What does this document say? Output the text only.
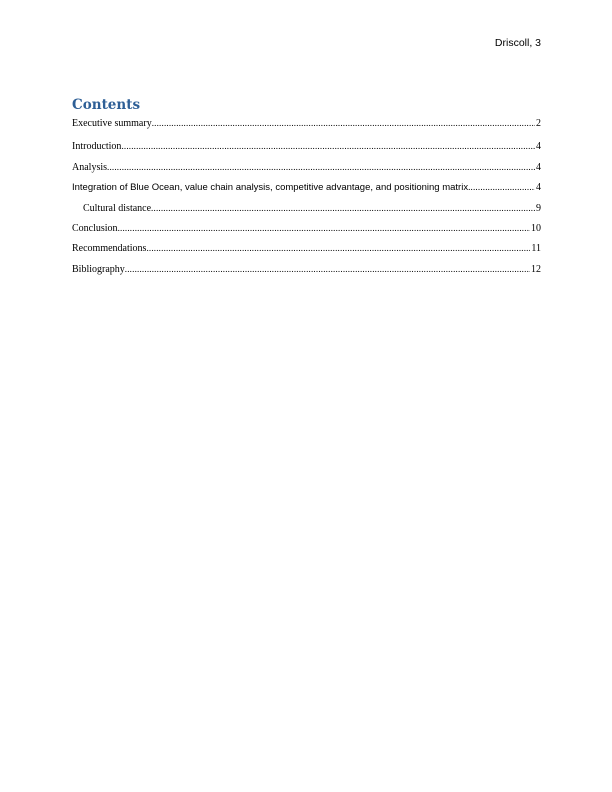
Driscoll, 3
Contents
Executive summary .....	2
Introduction .....	4
Analysis .....	4
Integration of Blue Ocean, value chain analysis, competitive advantage, and positioning matrix .....	4
Cultural distance .....	9
Conclusion .....	10
Recommendations .....	11
Bibliography .....	12
